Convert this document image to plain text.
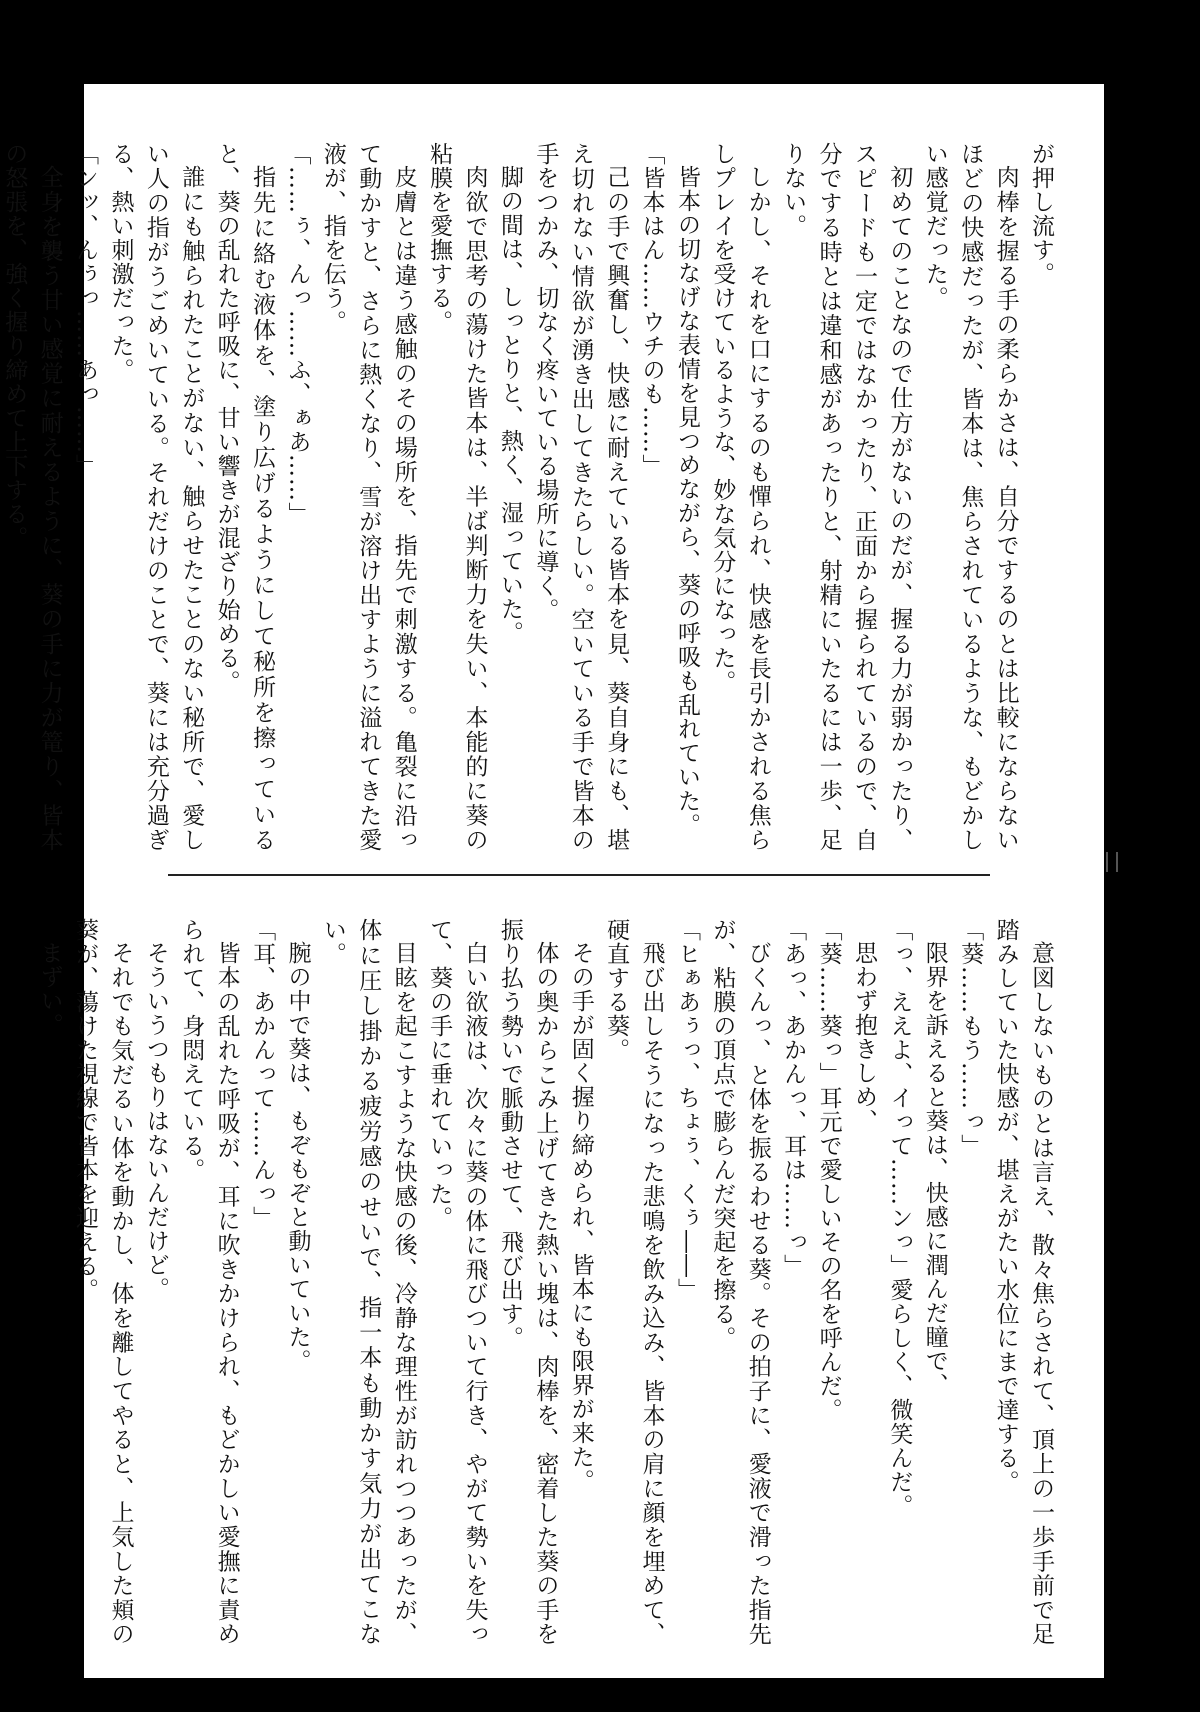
が押し流す。

肉棒を握る手の柔らかさは、自分でするのとは比較にならないほどの快感だったが、皆本は、焦らされているような、もどかしい感覚だった。

初めてのことなので仕方がないのだが、握る力が弱かったり、スピードも一定ではなかったり、正面から握られているので、自分でする時とは違和感があったりと、射精にいたるには一歩、足りない。

しかし、それを口にするのも憚られ、快感を長引かされる焦らしプレイを受けているような、妙な気分になった。

皆本の切なげな表情を見つめながら、葵の呼吸も乱れていた。

「皆本はん……ウチのも……」

己の手で興奮し、快感に耐えている皆本を見、葵自身にも、堪え切れない情欲が湧き出してきたらしい。空いている手で皆本の手をつかみ、切なく疼いている場所に導く。

脚の間は、しっとりと、熱く、湿っていた。

肉欲で思考の蕩けた皆本は、半ば判断力を失い、本能的に葵の粘膜を愛撫する。

皮膚とは違う感触のその場所を、指先で刺激する。亀裂に沿って動かすと、さらに熱くなり、雪が溶け出すように溢れてきた愛液が、指を伝う。

「……ぅ、んっ……ふ、ぁあ……」

指先に絡む液体を、塗り広げるようにして秘所を擦っていると、葵の乱れた呼吸に、甘い響きが混ざり始める。

誰にも触られたことがない、触らせたことのない秘所で、愛しい人の指がうごめいている。それだけのことで、葵には充分過ぎる、熱い刺激だった。

「ンッ、んぅっ……あっ……」

全身を襲う甘い感覚に耐えるように、葵の手に力が篭り、皆本の怒張を、強く握り締めて上下する。

意図しないものとは言え、散々焦らされて、頂上の一歩手前で足踏みしていた快感が、堪えがたい水位にまで達する。

「葵……もう……っ」

限界を訴えると葵は、快感に潤んだ瞳で、

「っ、ええよ、イって……ンっ」愛らしく、微笑んだ。

思わず抱きしめ、

「葵……葵っ」耳元で愛しいその名を呼んだ。

「あっ、あかんっ、耳は……っ」

びくんっ、と体を振るわせる葵。その拍子に、愛液で滑った指先が、粘膜の頂点で膨らんだ突起を擦る。

「ヒぁあぅっ、ちょぅ、くぅ――」

飛び出しそうになった悲鳴を飲み込み、皆本の肩に顔を埋めて、硬直する葵。

その手が固く握り締められ、皆本にも限界が来た。

体の奥からこみ上げてきた熱い塊は、肉棒を、密着した葵の手を振り払う勢いで脈動させて、飛び出す。

白い欲液は、次々に葵の体に飛びついて行き、やがて勢いを失って、葵の手に垂れていった。

目眩を起こすような快感の後、冷静な理性が訪れつつあったが、体に圧し掛かる疲労感のせいで、指一本も動かす気力が出てこない。

腕の中で葵は、もぞもぞと動いていた。

「耳、あかんって……んっ」

皆本の乱れた呼吸が、耳に吹きかけられ、もどかしい愛撫に責められて、身悶えている。

そういうつもりはないんだけど。

それでも気だるい体を動かし、体を離してやると、上気した頬の葵が、蕩けた視線で皆本を迎える。

まずい。
